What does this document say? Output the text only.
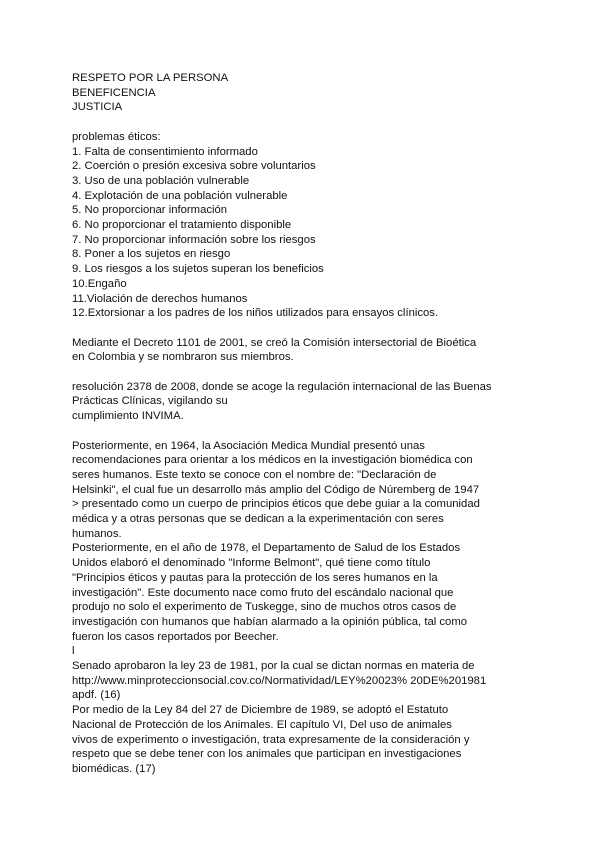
RESPETO POR LA PERSONA
BENEFICENCIA
JUSTICIA
problemas éticos:
1. Falta de consentimiento informado
2. Coerción o presión excesiva sobre voluntarios
3. Uso de una población vulnerable
4. Explotación de una población vulnerable
5. No proporcionar información
6. No proporcionar el tratamiento disponible
7. No proporcionar información sobre los riesgos
8. Poner a los sujetos en riesgo
9. Los riesgos a los sujetos superan los beneficios
10.Engaño
11.Violación de derechos humanos
12.Extorsionar a los padres de los niños utilizados para ensayos clínicos.
Mediante el Decreto 1101 de 2001, se creó la Comisión intersectorial de Bioética
en Colombia y se nombraron sus miembros.
resolución 2378 de 2008, donde se acoge la regulación internacional de las Buenas
Prácticas Clínicas, vigilando su
cumplimiento INVIMA.
Posteriormente, en 1964, la Asociación Medica Mundial presentó unas
recomendaciones para orientar a los médicos en la investigación biomédica con
seres humanos. Este texto se conoce con el nombre de: "Declaración de
Helsinki", el cual fue un desarrollo más amplio del Código de Núremberg de 1947
> presentado como un cuerpo de principios éticos que debe guiar a la comunidad
médica y a otras personas que se dedican a la experimentación con seres
humanos.
Posteriormente, en el año de 1978, el Departamento de Salud de los Estados
Unidos elaboró el denominado "Informe Belmont", qué tiene como título
"Principios éticos y pautas para la protección de los seres humanos en la
investigación". Este documento nace como fruto del escándalo nacional que
produjo no solo el experimento de Tuskegge, sino de muchos otros casos de
investigación con humanos que habían alarmado a la opinión pública, tal como
fueron los casos reportados por Beecher.
l
Senado aprobaron la ley 23 de 1981, por la cual se dictan normas en materia de
http://www.minproteccionsocial.cov.co/Normatividad/LEY%20023% 20DE%201981
apdf. (16)
Por medio de la Ley 84 del 27 de Diciembre de 1989, se adoptó el Estatuto
Nacional de Protección de los Animales. El capítulo VI, Del uso de animales
vivos de experimento o investigación, trata expresamente de la consideración y
respeto que se debe tener con los animales que participan en investigaciones
biomédicas. (17)
